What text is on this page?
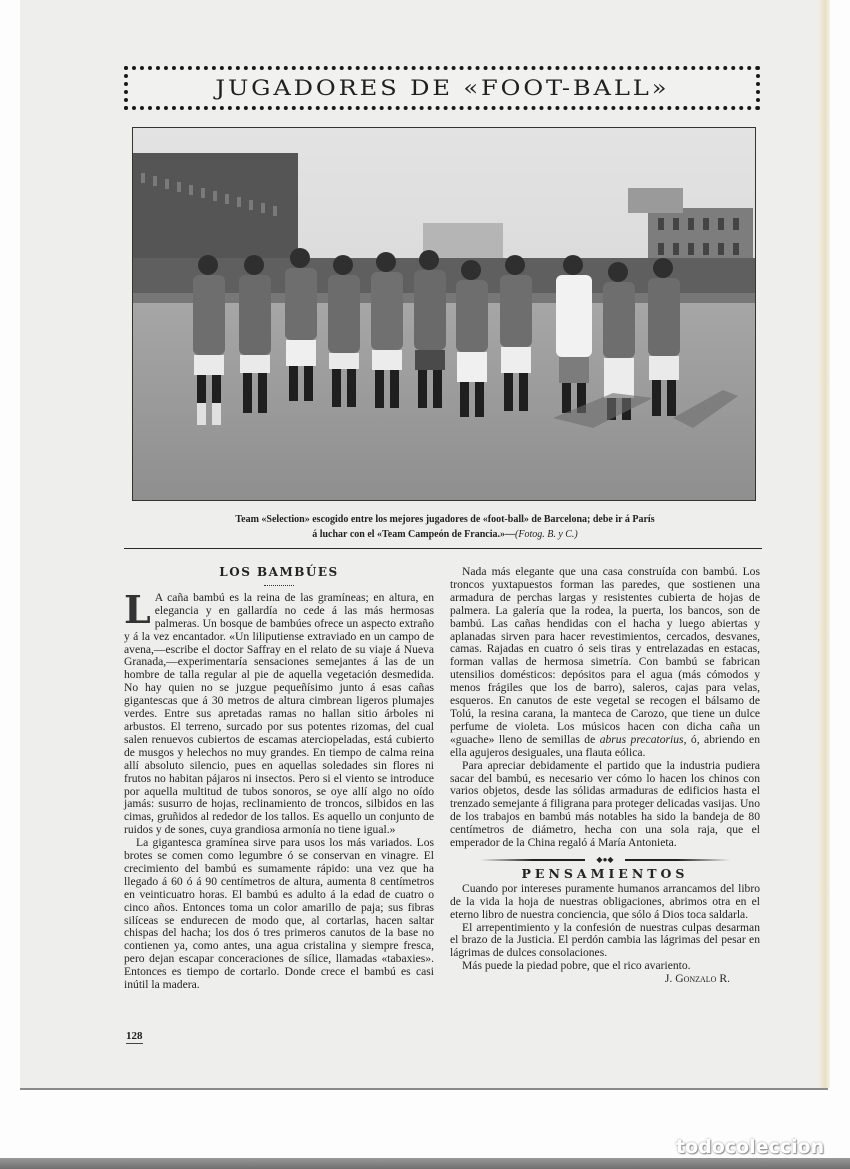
JUGADORES DE «FOOT-BALL»
Team «Selection» escogido entre los mejores jugadores de «foot-ball» de Barcelona; debe ir á París
á luchar con el «Team Campeón de Francia.»—(Fotog. B. y C.)
LOS BAMBÚES

L A caña bambú es la reina de las gramíneas; en altura, en elegancia y en gallardía no cede á las más hermosas palmeras. Un bosque de bambúes ofrece un aspecto extraño y á la vez encantador. «Un liliputiense extraviado en un campo de avena,—escribe el doctor Saffray en el relato de su viaje á Nueva Granada,—experimentaría sensaciones semejantes á las de un hombre de talla regular al pie de aquella vegetación desmedida. No hay quien no se juzgue pequeñísimo junto á esas cañas gigantescas que á 30 metros de altura cimbrean ligeros plumajes verdes. Entre sus apretadas ramas no hallan sitio árboles ni arbustos. El terreno, surcado por sus potentes rizomas, del cual salen renuevos cubiertos de escamas aterciopeladas, está cubierto de musgos y helechos no muy grandes. En tiempo de calma reina allí absoluto silencio, pues en aquellas soledades sin flores ni frutos no habitan pájaros ni insectos. Pero si el viento se introduce por aquella multitud de tubos sonoros, se oye allí algo no oído jamás: susurro de hojas, reclinamiento de troncos, silbidos en las cimas, gruñidos al rededor de los tallos. Es aquello un conjunto de ruidos y de sones, cuya grandiosa armonía no tiene igual.»

La gigantesca gramínea sirve para usos los más variados. Los brotes se comen como legumbre ó se conservan en vinagre. El crecimiento del bambú es sumamente rápido: una vez que ha llegado á 60 ó á 90 centímetros de altura, aumenta 8 centímetros en veinticuatro horas. El bambú es adulto á la edad de cuatro o cinco años. Entonces toma un color amarillo de paja; sus fibras silíceas se endurecen de modo que, al cortarlas, hacen saltar chispas del hacha; los dos ó tres primeros canutos de la base no contienen ya, como antes, una agua cristalina y siempre fresca, pero dejan escapar conceraciones de sílice, llamadas «tabaxies». Entonces es tiempo de cortarlo. Donde crece el bambú es casi inútil la madera.

Nada más elegante que una casa construída con bambú. Los troncos yuxtapuestos forman las paredes, que sostienen una armadura de perchas largas y resistentes cubierta de hojas de palmera. La galería que la rodea, la puerta, los bancos, son de bambú. Las cañas hendidas con el hacha y luego abiertas y aplanadas sirven para hacer revestimientos, cercados, desvanes, camas. Rajadas en cuatro ó seis tiras y entrelazadas en estacas, forman vallas de hermosa simetría. Con bambú se fabrican utensilios domésticos: depósitos para el agua (más cómodos y menos frágiles que los de barro), saleros, cajas para velas, esqueros. En canutos de este vegetal se recogen el bálsamo de Tolú, la resina carana, la manteca de Carozo, que tiene un dulce perfume de violeta. Los músicos hacen con dicha caña un «guache» lleno de semillas de abrus precatorius, ó, abriendo en ella agujeros desiguales, una flauta eólica.

Para apreciar debidamente el partido que la industria pudiera sacar del bambú, es necesario ver cómo lo hacen los chinos con varios objetos, desde las sólidas armaduras de edificios hasta el trenzado semejante á filigrana para proteger delicadas vasijas. Uno de los trabajos en bambú más notables ha sido la bandeja de 80 centímetros de diámetro, hecha con una sola raja, que el emperador de la China regaló á María Antonieta.

◆●◆
PENSAMIENTOS

Cuando por intereses puramente humanos arrancamos del libro de la vida la hoja de nuestras obligaciones, abrimos otra en el eterno libro de nuestra conciencia, que sólo á Dios toca saldarla.

El arrepentimiento y la confesión de nuestras culpas desarman el brazo de la Justicia. El perdón cambia las lágrimas del pesar en lágrimas de dulces consolaciones.

Más puede la piedad pobre, que el rico avariento.

J. Gonzalo R.

128
todocoleccion
